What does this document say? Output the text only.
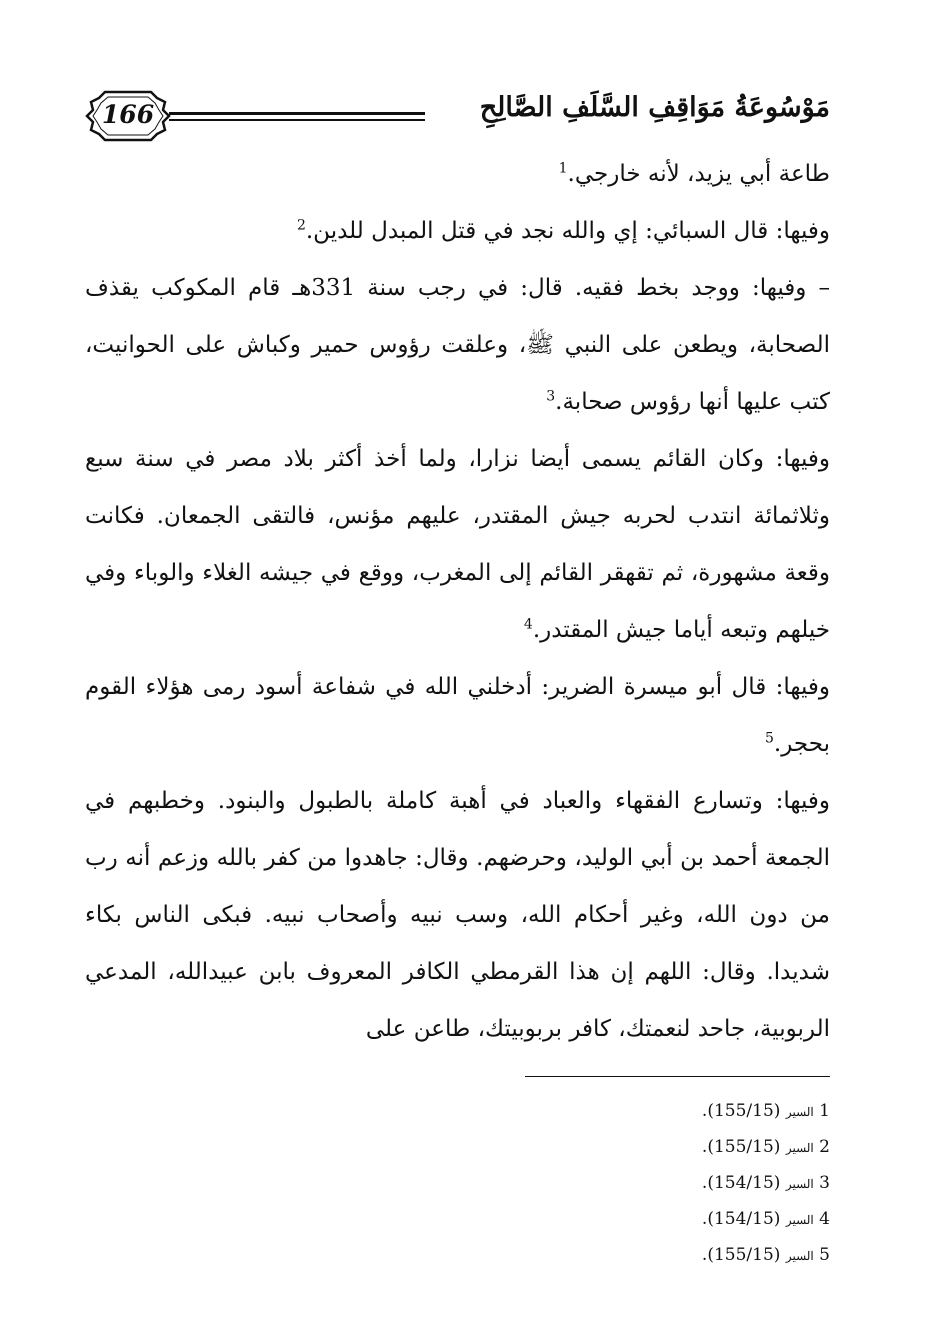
166	مَوْسُوعَةُ مَوَاقِفِ السَّلَفِ الصَّالِحِ

طاعة أبي يزيد، لأنه خارجي.$^1$

وفيها: قال السبائي: إي والله نجد في قتل المبدل للدين.$^2$

– وفيها: ووجد بخط فقيه. قال: في رجب سنة 331هـ قام المكوكب يقذف الصحابة، ويطعن على النبي ﷺ، وعلقت رؤوس حمير وكباش على الحوانيت، كتب عليها أنها رؤوس صحابة.$^3$

وفيها: وكان القائم يسمى أيضا نزارا، ولما أخذ أكثر بلاد مصر في سنة سبع وثلاثمائة انتدب لحربه جيش المقتدر، عليهم مؤنس، فالتقى الجمعان. فكانت وقعة مشهورة، ثم تقهقر القائم إلى المغرب، ووقع في جيشه الغلاء والوباء وفي خيلهم وتبعه أياما جيش المقتدر.$^4$

وفيها: قال أبو ميسرة الضرير: أدخلني الله في شفاعة أسود رمى هؤلاء القوم بحجر.$^5$

وفيها: وتسارع الفقهاء والعباد في أهبة كاملة بالطبول والبنود. وخطبهم في الجمعة أحمد بن أبي الوليد، وحرضهم. وقال: جاهدوا من كفر بالله وزعم أنه رب من دون الله، وغير أحكام الله، وسب نبيه وأصحاب نبيه. فبكى الناس بكاء شديدا. وقال: اللهم إن هذا القرمطي الكافر المعروف بابن عبيدالله، المدعي الربوبية، جاحد لنعمتك، كافر بربوبيتك، طاعن على

1 السير (155/15).
2 السير (155/15).
3 السير (154/15).
4 السير (154/15).
5 السير (155/15).
